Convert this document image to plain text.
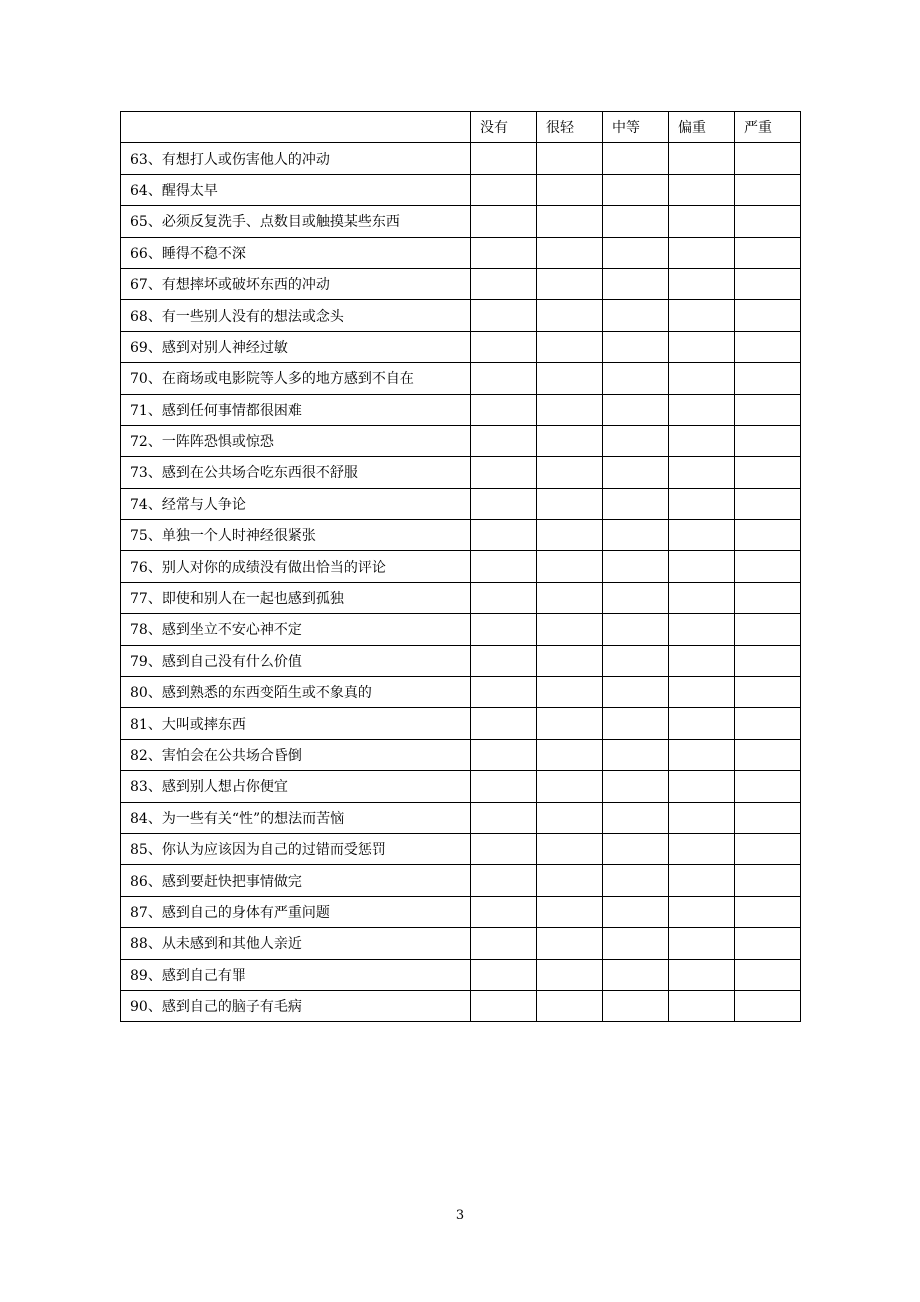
	没有	很轻	中等	偏重	严重
63、有想打人或伤害他人的冲动					
64、醒得太早					
65、必须反复洗手、点数目或触摸某些东西					
66、睡得不稳不深					
67、有想摔坏或破坏东西的冲动					
68、有一些别人没有的想法或念头					
69、感到对别人神经过敏					
70、在商场或电影院等人多的地方感到不自在					
71、感到任何事情都很困难					
72、一阵阵恐惧或惊恐					
73、感到在公共场合吃东西很不舒服					
74、经常与人争论					
75、单独一个人时神经很紧张					
76、别人对你的成绩没有做出恰当的评论					
77、即使和别人在一起也感到孤独					
78、感到坐立不安心神不定					
79、感到自己没有什么价值					
80、感到熟悉的东西变陌生或不象真的					
81、大叫或摔东西					
82、害怕会在公共场合昏倒					
83、感到别人想占你便宜					
84、为一些有关“性”的想法而苦恼					
85、你认为应该因为自己的过错而受惩罚					
86、感到要赶快把事情做完					
87、感到自己的身体有严重问题					
88、从未感到和其他人亲近					
89、感到自己有罪					
90、感到自己的脑子有毛病					
3
